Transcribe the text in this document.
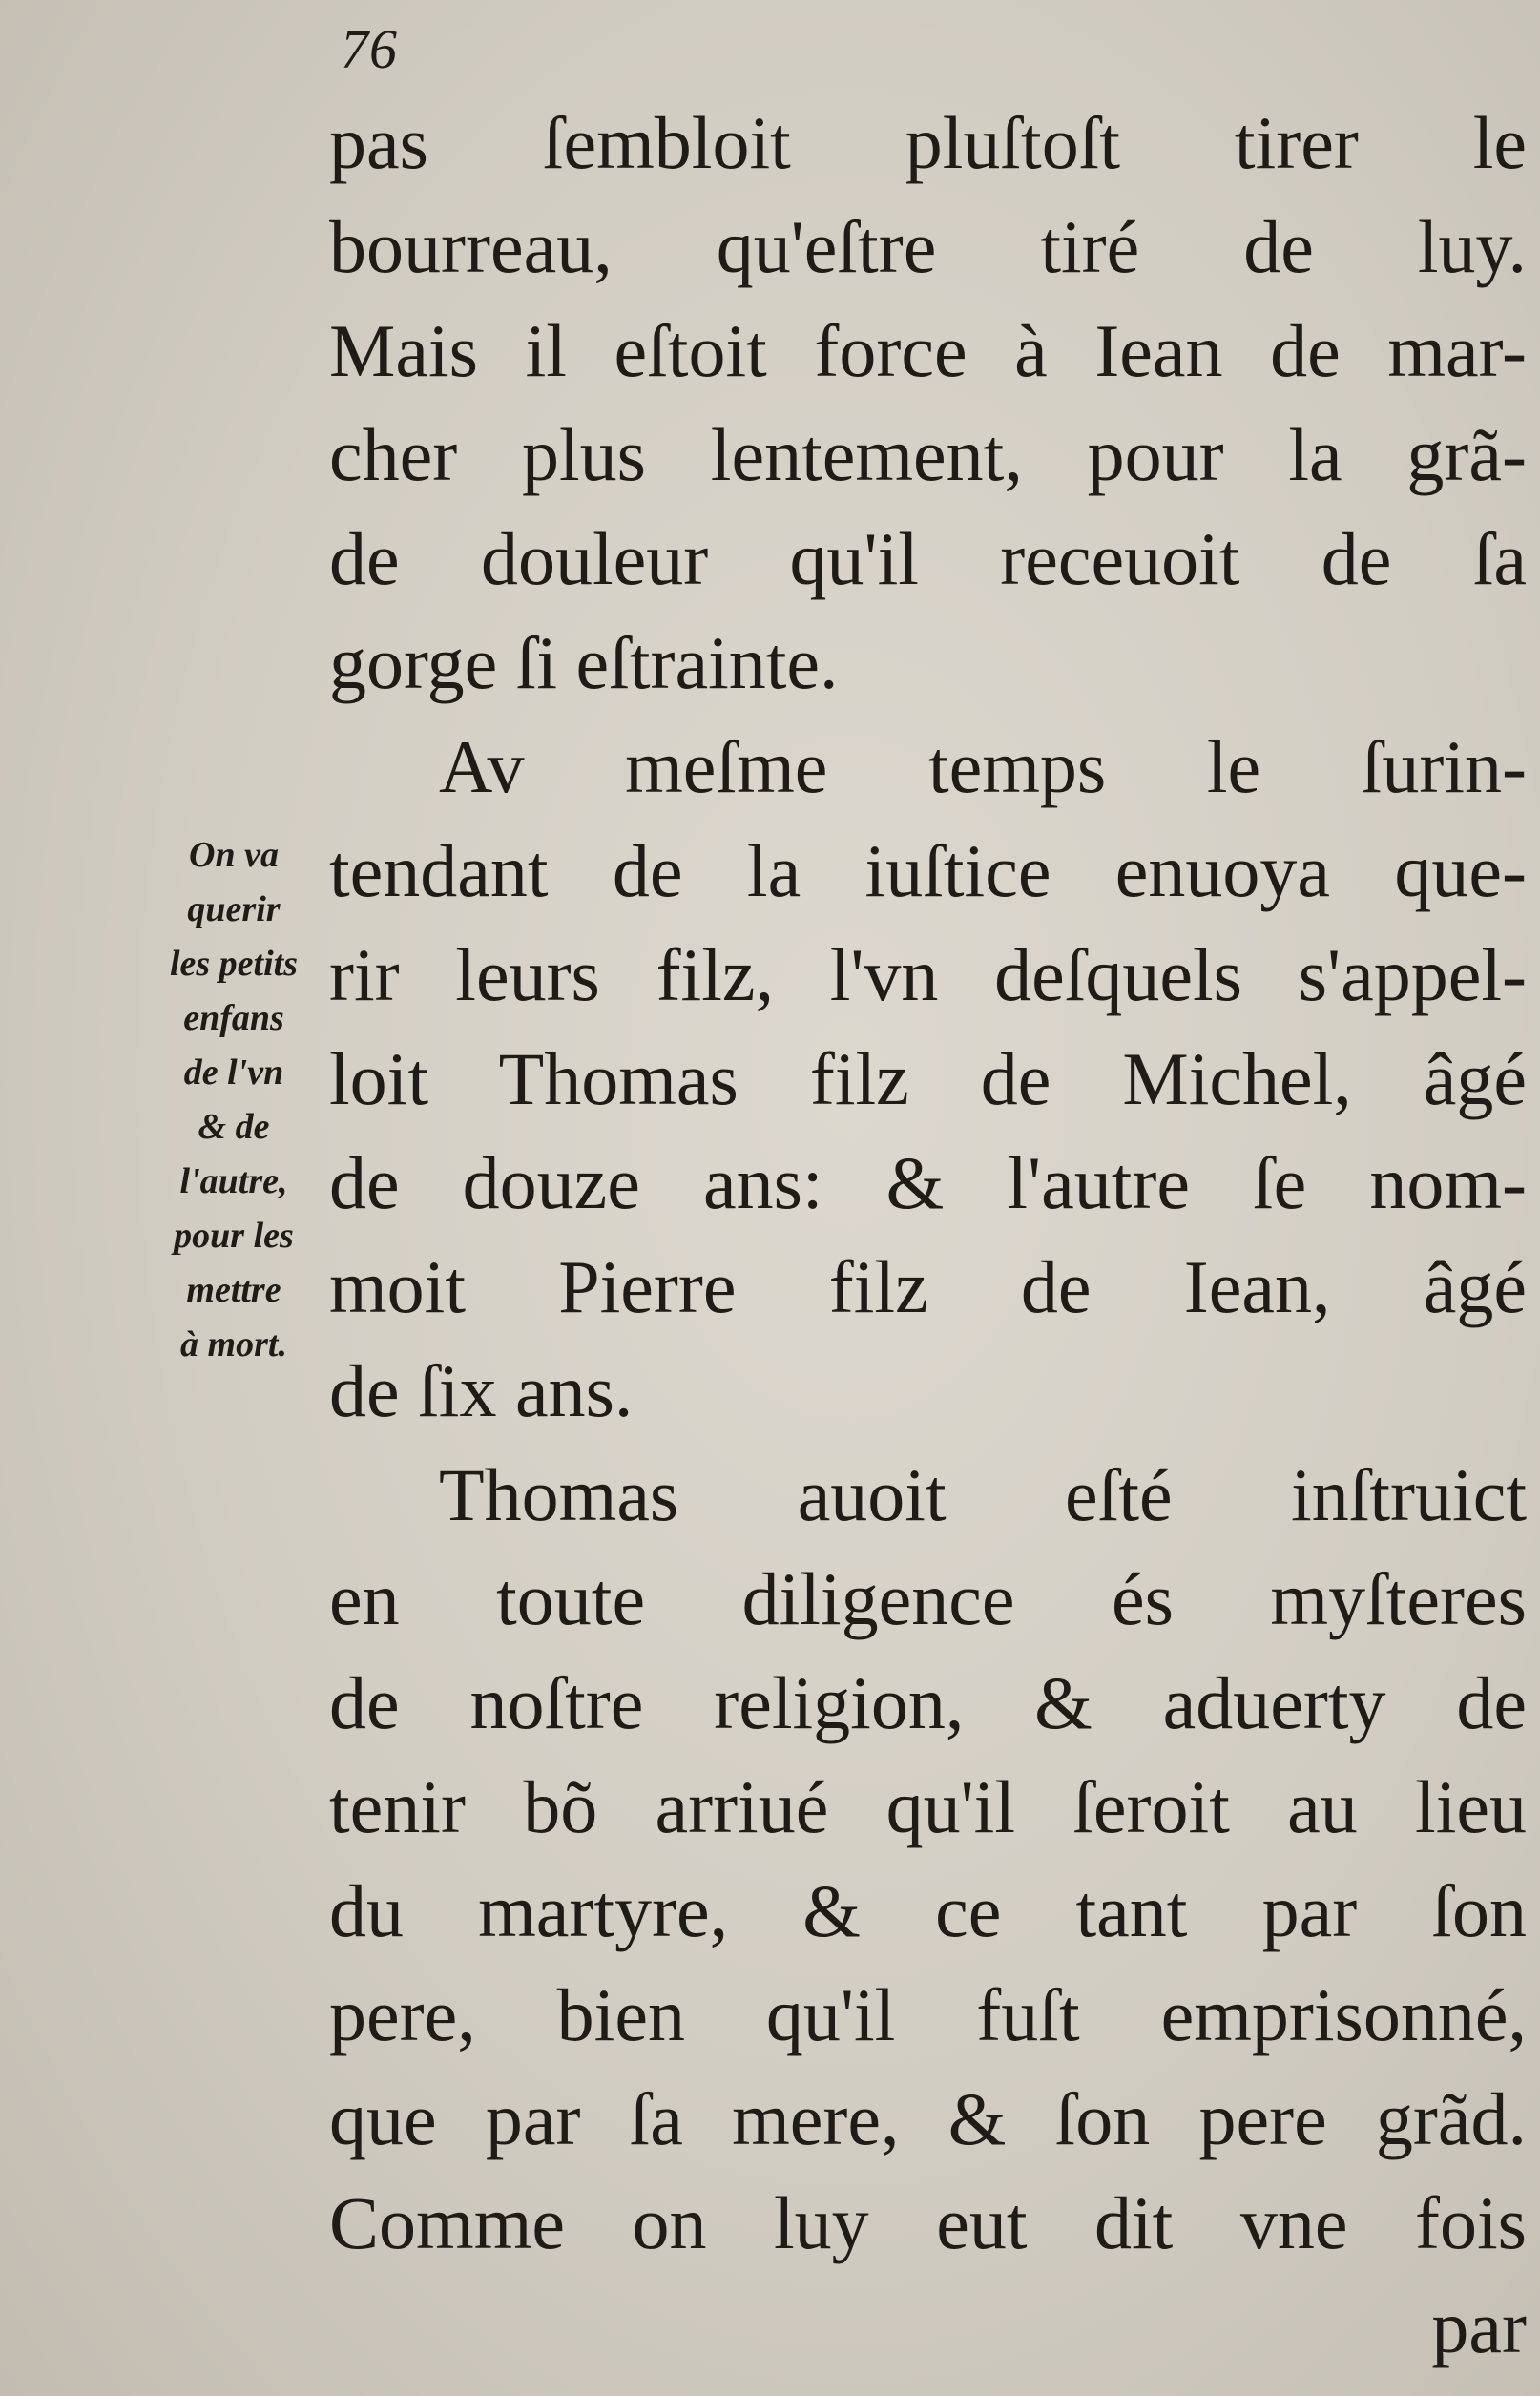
76
pas ſembloit pluſtoſt tirer le
bourreau, qu'eſtre tiré de luy.
Mais il eſtoit force à Iean de mar-
cher plus lentement, pour la grã-
de douleur qu'il receuoit de ſa
gorge ſi eſtrainte.
Av meſme temps le ſurin-
tendant de la iuſtice enuoya que-
rir leurs filz, l'vn deſquels s'appel-
loit Thomas filz de Michel, âgé
de douze ans: & l'autre ſe nom-
moit Pierre filz de Iean, âgé
de ſix ans.
Thomas auoit eſté inſtruict
en toute diligence és myſteres
de noſtre religion, & aduerty de
tenir bõ arriué qu'il ſeroit au lieu
du martyre, & ce tant par ſon
pere, bien qu'il fuſt emprisonné,
que par ſa mere, & ſon pere grãd.
Comme on luy eut dit vne fois
par
On va
querir
les petits
enfans
de l'vn
& de
l'autre,
pour les
mettre
à mort.
